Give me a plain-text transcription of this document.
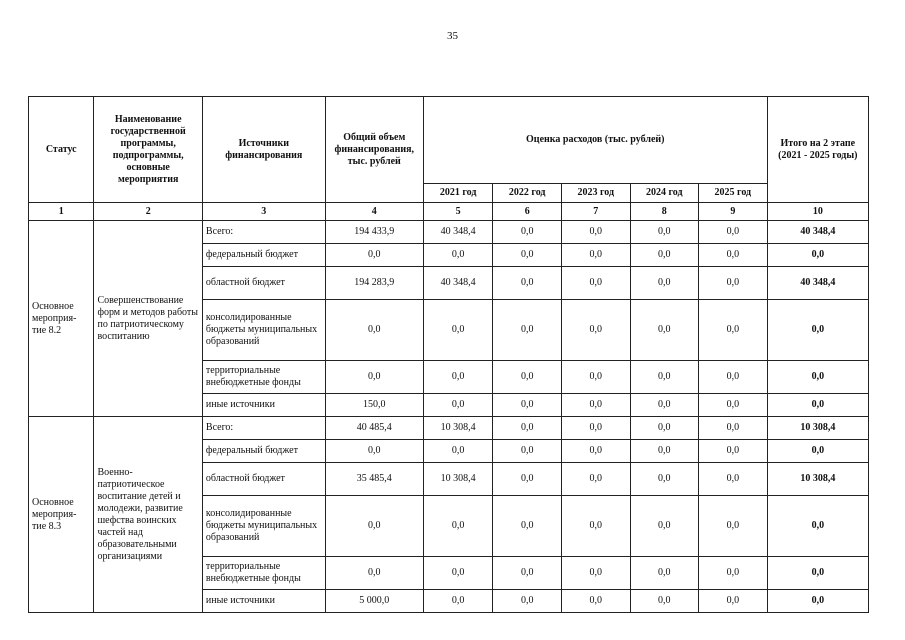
35
Статус	Наименование государственной программы, подпрограммы, основные мероприятия	Источники финансирования	Общий объем финансирования, тыс. рублей	Оценка расходов (тыс. рублей)					Итого на 2 этапе (2021 - 2025 годы)
				2021 год	2022 год	2023 год	2024 год	2025 год	
1	2	3	4	5	6	7	8	9	10
Основное мероприя-тие 8.2	Совершенствование форм и методов работы по патриотическому воспитанию	Всего:	194 433,9	40 348,4	0,0	0,0	0,0	0,0	40 348,4
		федеральный бюджет	0,0	0,0	0,0	0,0	0,0	0,0	0,0
		областной бюджет	194 283,9	40 348,4	0,0	0,0	0,0	0,0	40 348,4
		консолидированные бюджеты муниципальных образований	0,0	0,0	0,0	0,0	0,0	0,0	0,0
		территориальные внебюджетные фонды	0,0	0,0	0,0	0,0	0,0	0,0	0,0
		иные источники	150,0	0,0	0,0	0,0	0,0	0,0	0,0
Основное мероприя-тие 8.3	Военно-патриотическое воспитание детей и молодежи, развитие шефства воинских частей над образовательными организациями	Всего:	40 485,4	10 308,4	0,0	0,0	0,0	0,0	10 308,4
		федеральный бюджет	0,0	0,0	0,0	0,0	0,0	0,0	0,0
		областной бюджет	35 485,4	10 308,4	0,0	0,0	0,0	0,0	10 308,4
		консолидированные бюджеты муниципальных образований	0,0	0,0	0,0	0,0	0,0	0,0	0,0
		территориальные внебюджетные фонды	0,0	0,0	0,0	0,0	0,0	0,0	0,0
		иные источники	5 000,0	0,0	0,0	0,0	0,0	0,0	0,0
